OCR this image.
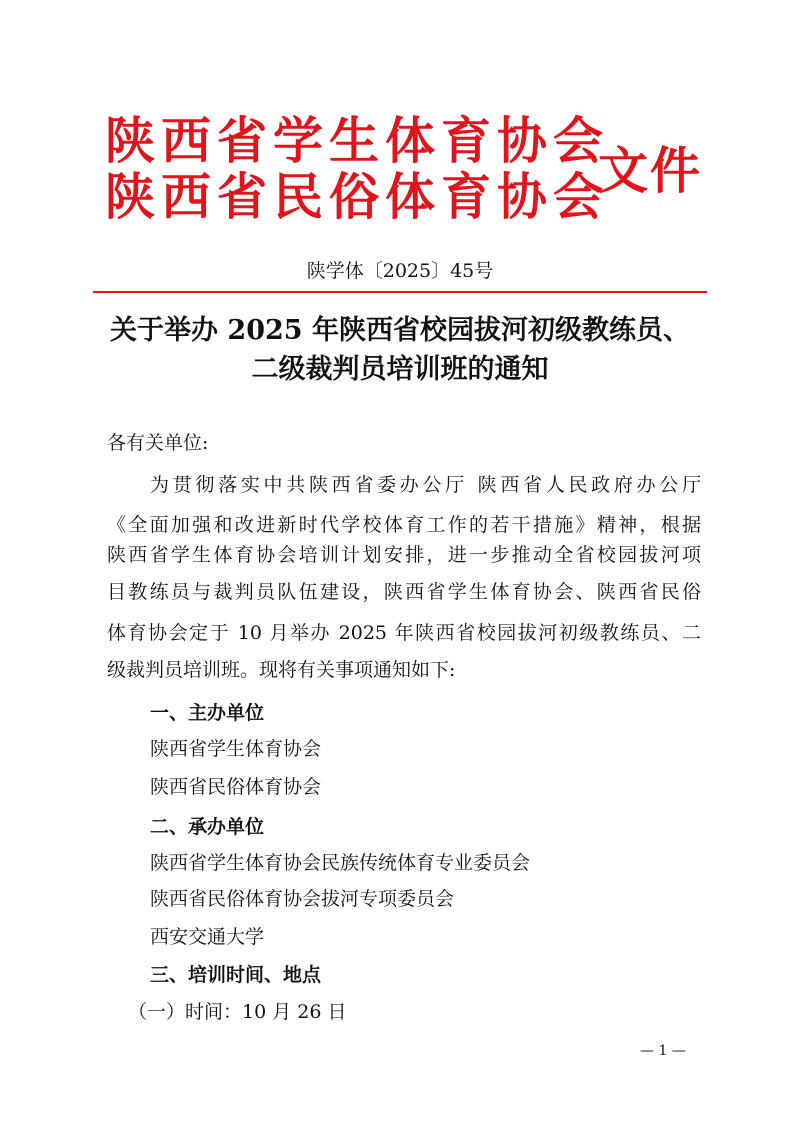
陕西省学生体育协会
陕西省民俗体育协会
文件
陕学体〔2025〕45号
关于举办 2025 年陕西省校园拔河初级教练员、
二级裁判员培训班的通知
各有关单位:
为贯彻落实中共陕西省委办公厅 陕西省人民政府办公厅
《全面加强和改进新时代学校体育工作的若干措施》精神，根据
陕西省学生体育协会培训计划安排，进一步推动全省校园拔河项
目教练员与裁判员队伍建设，陕西省学生体育协会、陕西省民俗
体育协会定于 10 月举办 2025 年陕西省校园拔河初级教练员、二
级裁判员培训班。现将有关事项通知如下:
一、主办单位
陕西省学生体育协会
陕西省民俗体育协会
二、承办单位
陕西省学生体育协会民族传统体育专业委员会
陕西省民俗体育协会拔河专项委员会
西安交通大学
三、培训时间、地点
（一）时间：10 月 26 日
— 1 —
